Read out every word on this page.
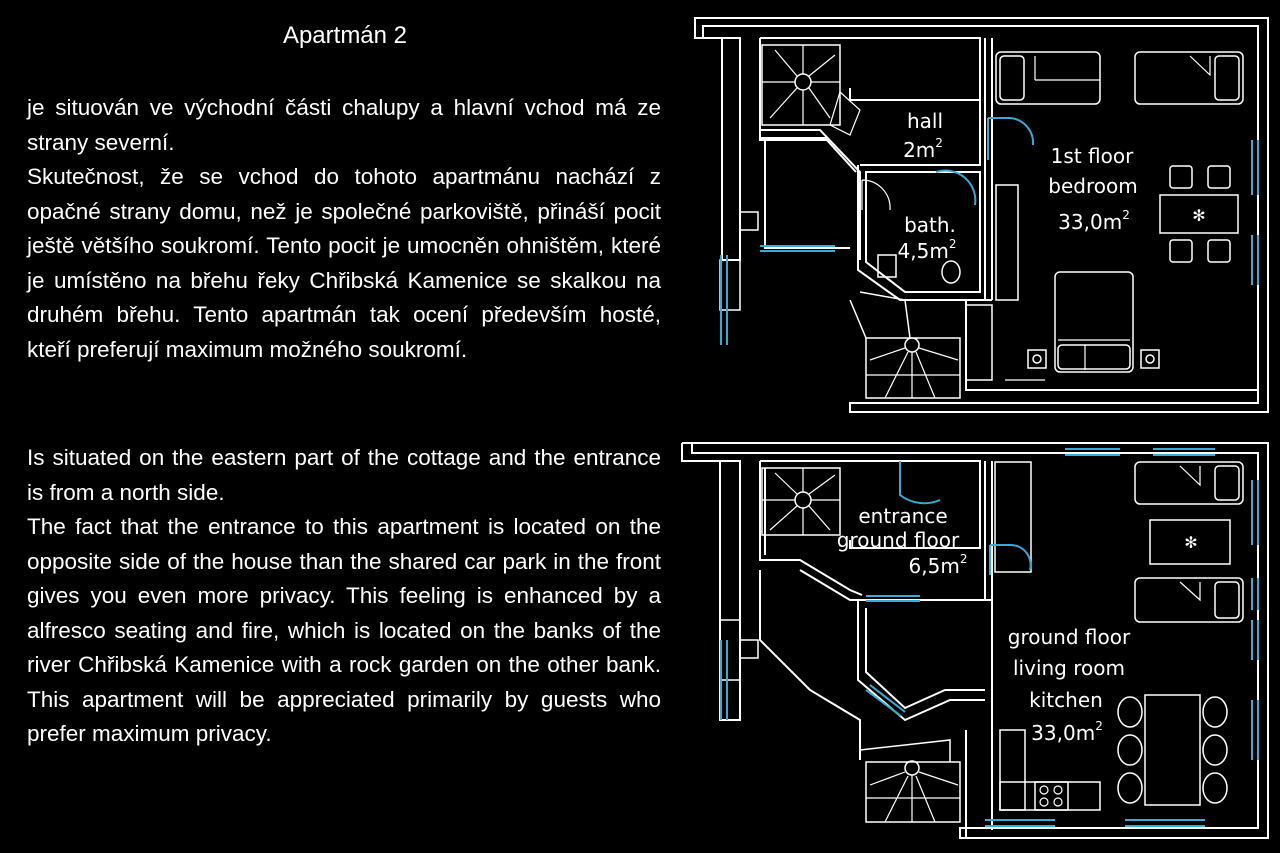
Apartmán 2

je situován ve východní části chalupy a hlavní vchod má ze strany severní.

Skutečnost, že se vchod do tohoto apartmánu nachází z opačné strany domu, než je společné parkoviště, přináší pocit ještě většího soukromí. Tento pocit je umocněn ohništěm, které je umístěno na břehu řeky Chřibská Kamenice se skalkou na druhém břehu. Tento apartmán tak ocení především hosté, kteří preferují maximum možného soukromí.

Is situated on the eastern part of the cottage and the entrance is from a north side.

The fact that the entrance to this apartment is located on the opposite side of the house than the shared car park in the front gives you even more privacy. This feeling is enhanced by a alfresco seating and fire, which is located on the banks of the river Chřibská Kamenice with a rock garden on the other bank. This apartment will be appreciated primarily by guests who prefer maximum privacy.

✻
hall
$2m^2$
bath.
$4,5m^2$
1st floor
bedroom
$33,0m^2$
✻
entrance
ground floor
$6,5m^2$
ground floor
living room
kitchen
$33,0m^2$
